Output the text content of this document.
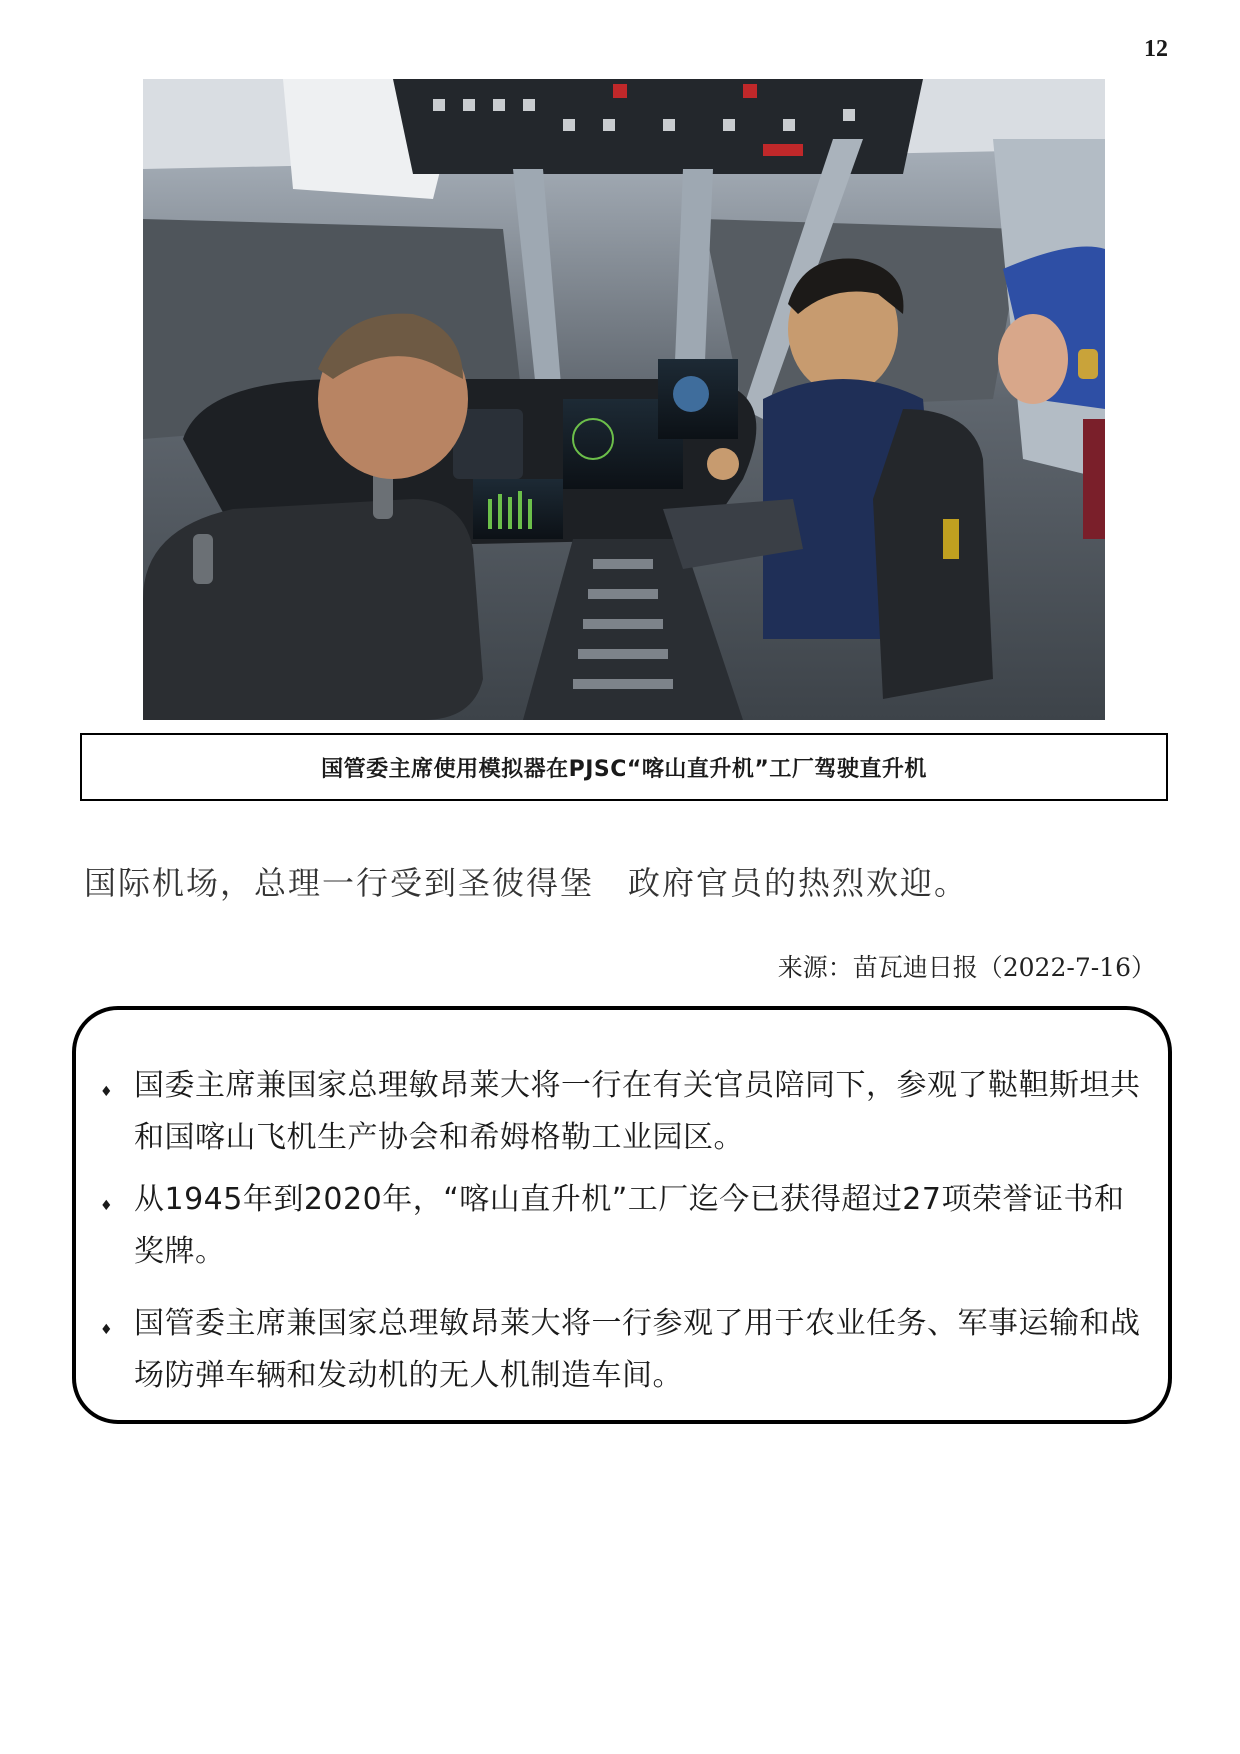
12
国管委主席使用模拟器在PJSC“喀山直升机”工厂驾驶直升机
国际机场，总理一行受到圣彼得堡　政府官员的热烈欢迎。
来源：苗瓦迪日报（2022-7-16）
♦ 国委主席兼国家总理敏昂莱大将一行在有关官员陪同下，参观了鞑靼斯坦共和国喀山飞机生产协会和希姆格勒工业园区。
♦ 从1945年到2020年，“喀山直升机”工厂迄今已获得超过27项荣誉证书和奖牌。
♦ 国管委主席兼国家总理敏昂莱大将一行参观了用于农业任务、军事运输和战场防弹车辆和发动机的无人机制造车间。
